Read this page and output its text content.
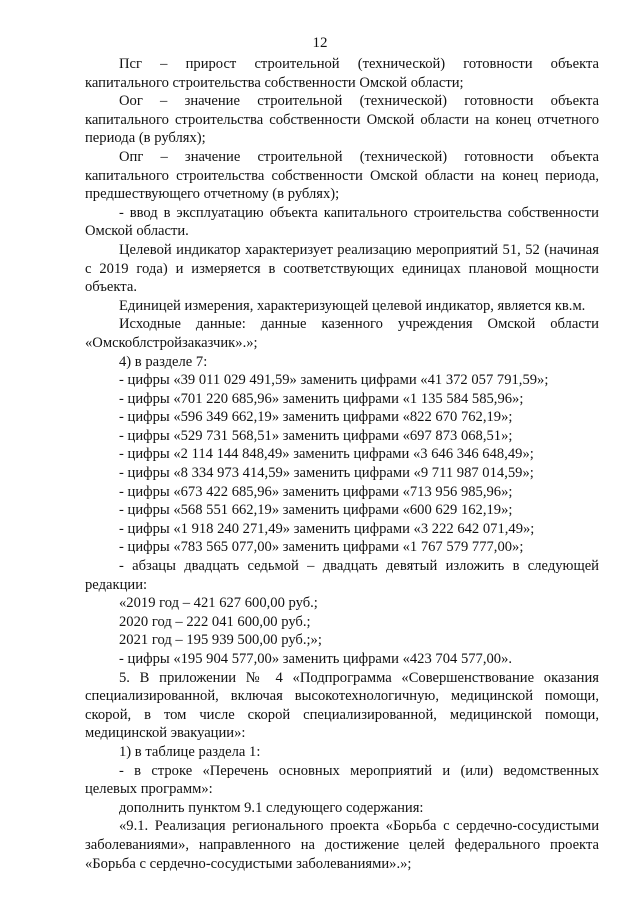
12

Псг – прирост строительной (технической) готовности объекта капитального строительства собственности Омской области;

Оог – значение строительной (технической) готовности объекта капитального строительства собственности Омской области на конец отчетного периода (в рублях);

Опг – значение строительной (технической) готовности объекта капитального строительства собственности Омской области на конец периода, предшествующего отчетному (в рублях);

- ввод в эксплуатацию объекта капитального строительства собственности Омской области.

Целевой индикатор характеризует реализацию мероприятий 51, 52 (начиная с 2019 года) и измеряется в соответствующих единицах плановой мощности объекта.

Единицей измерения, характеризующей целевой индикатор, является кв.м.

Исходные данные: данные казенного учреждения Омской области «Омскоблстройзаказчик».»;

4) в разделе 7:

- цифры «39 011 029 491,59» заменить цифрами «41 372 057 791,59»;

- цифры «701 220 685,96» заменить цифрами «1 135 584 585,96»;

- цифры «596 349 662,19» заменить цифрами «822 670 762,19»;

- цифры «529 731 568,51» заменить цифрами «697 873 068,51»;

- цифры «2 114 144 848,49» заменить цифрами «3 646 346 648,49»;

- цифры «8 334 973 414,59» заменить цифрами «9 711 987 014,59»;

- цифры «673 422 685,96» заменить цифрами «713 956 985,96»;

- цифры «568 551 662,19» заменить цифрами «600 629 162,19»;

- цифры «1 918 240 271,49» заменить цифрами «3 222 642 071,49»;

- цифры «783 565 077,00» заменить цифрами «1 767 579 777,00»;

- абзацы двадцать седьмой – двадцать девятый изложить в следующей редакции:

«2019 год – 421 627 600,00 руб.;

2020 год – 222 041 600,00 руб.;

2021 год – 195 939 500,00 руб.;»;

- цифры «195 904 577,00» заменить цифрами «423 704 577,00».

5. В приложении № 4 «Подпрограмма «Совершенствование оказания специализированной, включая высокотехнологичную, медицинской помощи, скорой, в том числе скорой специализированной, медицинской помощи, медицинской эвакуации»:

1) в таблице раздела 1:

- в строке «Перечень основных мероприятий и (или) ведомственных целевых программ»:

дополнить пунктом 9.1 следующего содержания:

«9.1. Реализация регионального проекта «Борьба с сердечно-сосудистыми заболеваниями», направленного на достижение целей федерального проекта «Борьба с сердечно-сосудистыми заболеваниями».»;
